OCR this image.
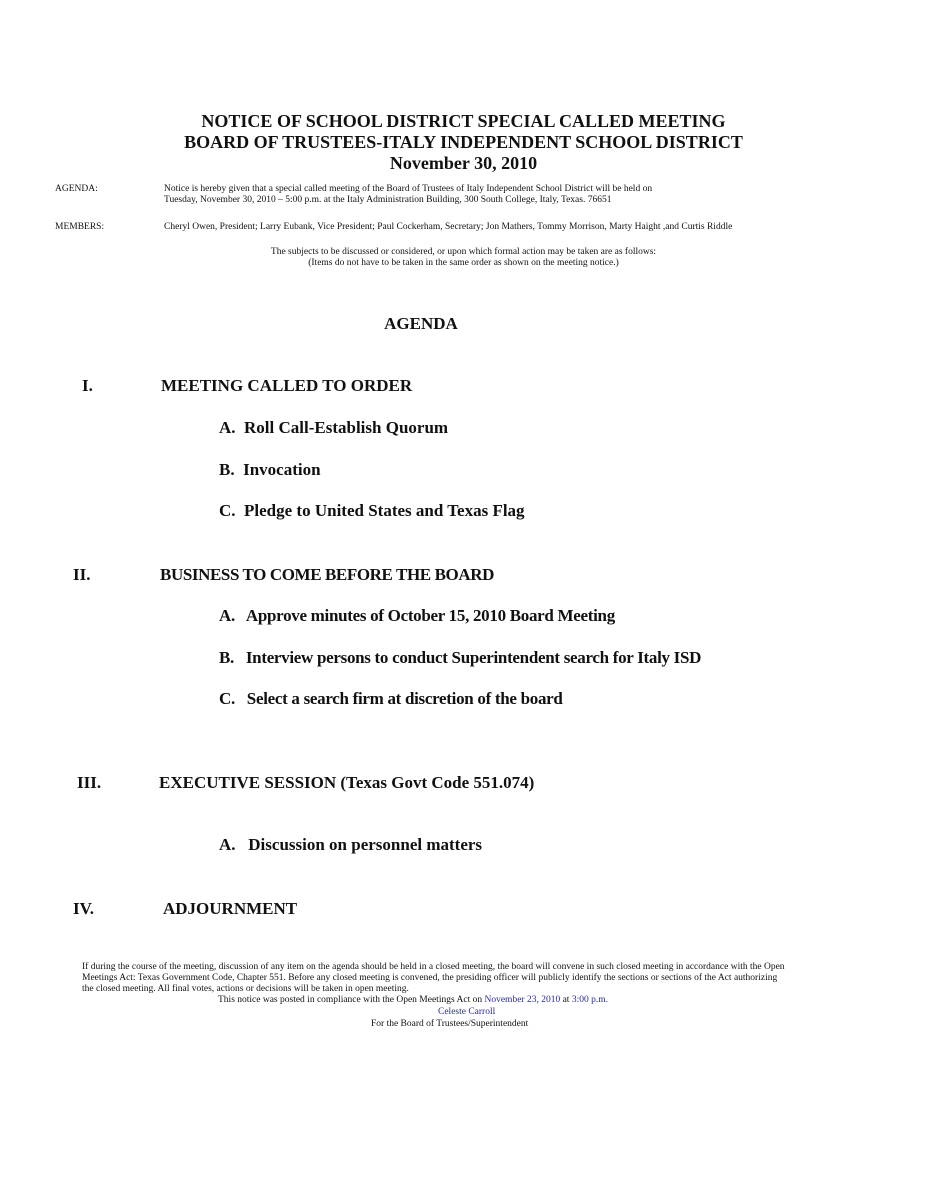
NOTICE OF SCHOOL DISTRICT SPECIAL CALLED MEETING
BOARD OF TRUSTEES-ITALY INDEPENDENT SCHOOL DISTRICT
November 30, 2010
AGENDA:	Notice is hereby given that a special called meeting of the Board of Trustees of Italy Independent School District will be held on
Tuesday, November 30, 2010 – 5:00 p.m. at the Italy Administration Building, 300 South College, Italy, Texas. 76651
MEMBERS:	Cheryl Owen, President; Larry Eubank, Vice President; Paul Cockerham, Secretary; Jon Mathers, Tommy Morrison, Marty Haight ,and Curtis Riddle
The subjects to be discussed or considered, or upon which formal action may be taken are as follows:
(Items do not have to be taken in the same order as shown on the meeting notice.)
AGENDA
I.	MEETING CALLED TO ORDER
A. Roll Call-Establish Quorum
B. Invocation
C. Pledge to United States and Texas Flag
II.	BUSINESS TO COME BEFORE THE BOARD
A. Approve minutes of October 15, 2010 Board Meeting
B. Interview persons to conduct Superintendent search for Italy ISD
C. Select a search firm at discretion of the board
III.	EXECUTIVE SESSION (Texas Govt Code 551.074)
A. Discussion on personnel matters
IV.	ADJOURNMENT
If during the course of the meeting, discussion of any item on the agenda should be held in a closed meeting, the board will convene in such closed meeting in accordance with the Open
Meetings Act: Texas Government Code, Chapter 551. Before any closed meeting is convened, the presiding officer will publicly identify the sections or sections of the Act authorizing
the closed meeting. All final votes, actions or decisions will be taken in open meeting.
This notice was posted in compliance with the Open Meetings Act on November 23, 2010 at 3:00 p.m.
Celeste Carroll
For the Board of Trustees/Superintendent
